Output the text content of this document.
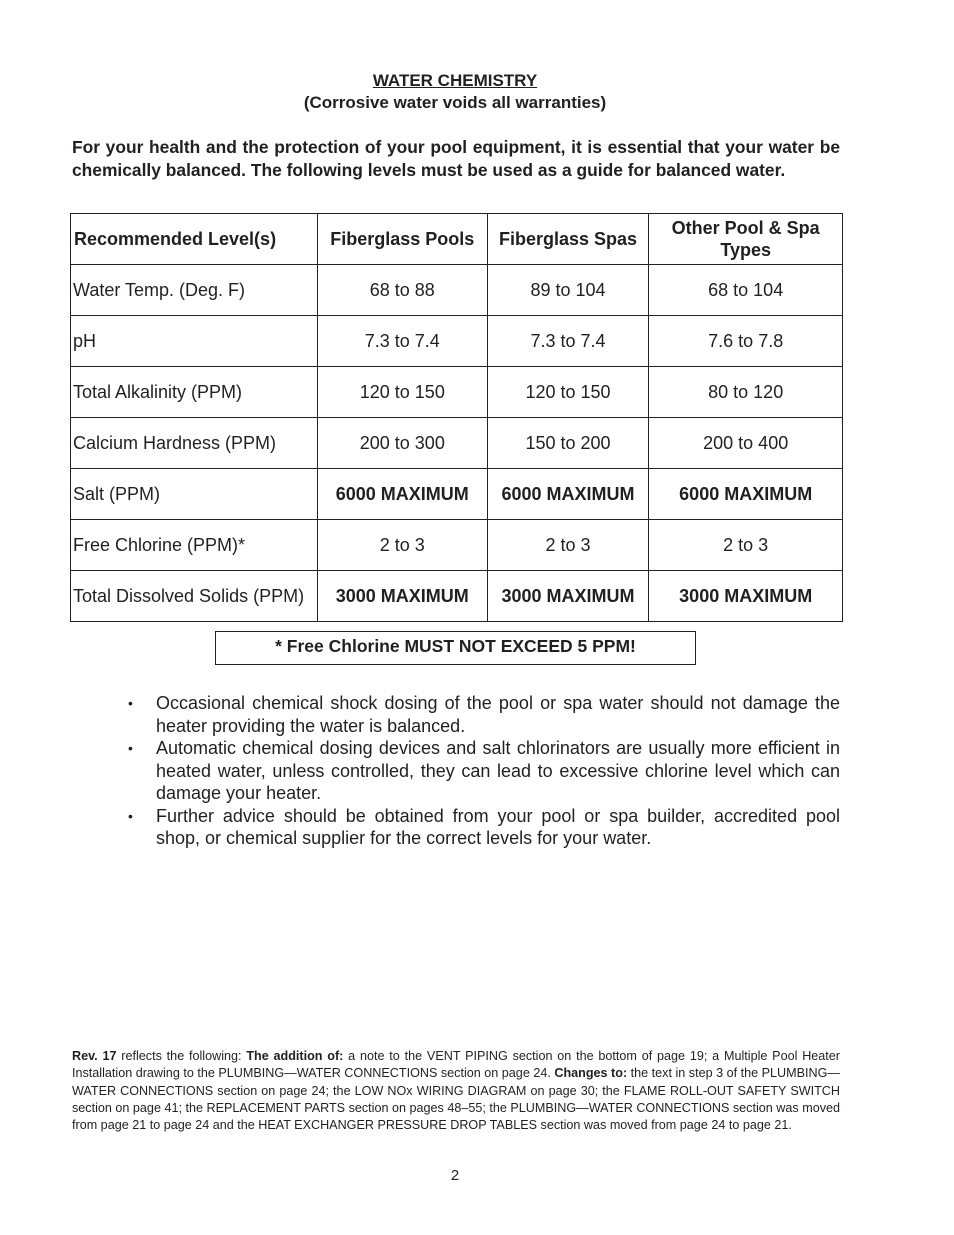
WATER CHEMISTRY
(Corrosive water voids all warranties)
For your health and the protection of your pool equipment, it is essential that your water be chemically balanced. The following levels must be used as a guide for balanced water.
Recommended Level(s)	Fiberglass Pools	Fiberglass Spas	Other Pool & Spa Types
Water Temp. (Deg. F)	68 to 88	89 to 104	68 to 104
pH	7.3 to 7.4	7.3 to 7.4	7.6 to 7.8
Total Alkalinity (PPM)	120 to 150	120 to 150	80 to 120
Calcium Hardness (PPM)	200 to 300	150 to 200	200 to 400
Salt (PPM)	6000 MAXIMUM	6000 MAXIMUM	6000 MAXIMUM
Free Chlorine (PPM)*	2 to 3	2 to 3	2 to 3
Total Dissolved Solids (PPM)	3000 MAXIMUM	3000 MAXIMUM	3000 MAXIMUM
* Free Chlorine MUST NOT EXCEED 5 PPM!
• Occasional chemical shock dosing of the pool or spa water should not damage the heater providing the water is balanced.
• Automatic chemical dosing devices and salt chlorinators are usually more efficient in heated water, unless controlled, they can lead to excessive chlorine level which can damage your heater.
• Further advice should be obtained from your pool or spa builder, accredited pool shop, or chemical supplier for the correct levels for your water.
Rev. 17 reflects the following: The addition of: a note to the VENT PIPING section on the bottom of page 19; a Multiple Pool Heater Installation drawing to the PLUMBING—WATER CONNECTIONS section on page 24. Changes to: the text in step 3 of the PLUMBING—WATER CONNECTIONS section on page 24; the LOW NOx WIRING DIAGRAM on page 30; the FLAME ROLL-OUT SAFETY SWITCH section on page 41; the REPLACEMENT PARTS section on pages 48–55; the PLUMBING—WATER CONNECTIONS section was moved from page 21 to page 24 and the HEAT EXCHANGER PRESSURE DROP TABLES section was moved from page 24 to page 21.
2
